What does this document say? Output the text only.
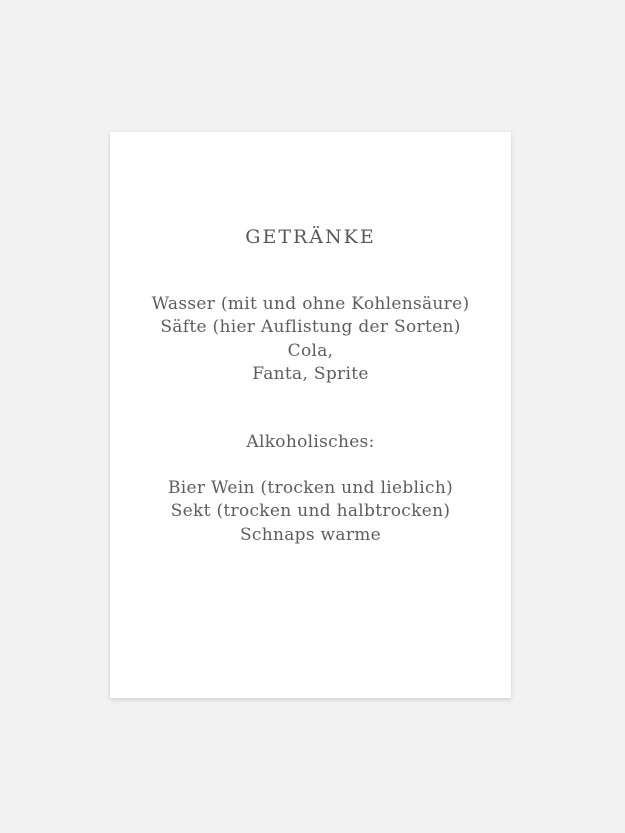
GETRÄNKE
Wasser (mit und ohne Kohlensäure)
Säfte (hier Auflistung der Sorten)
Cola,
Fanta, Sprite
Alkoholisches:
Bier Wein (trocken und lieblich)
Sekt (trocken und halbtrocken)
Schnaps warme
